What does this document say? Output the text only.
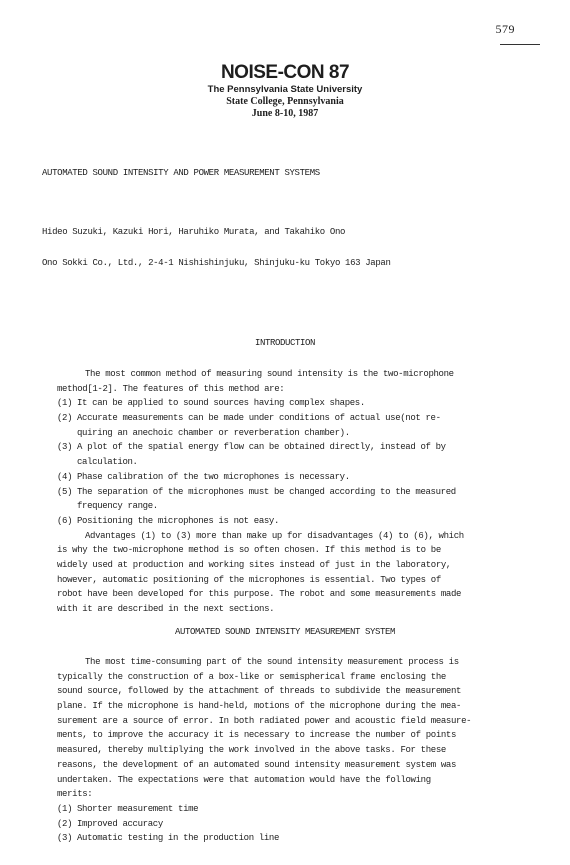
579
NOISE-CON 87
The Pennsylvania State University
State College, Pennsylvania
June 8-10, 1987
AUTOMATED SOUND INTENSITY AND POWER MEASUREMENT SYSTEMS
Hideo Suzuki, Kazuki Hori, Haruhiko Murata, and Takahiko Ono
Ono Sokki Co., Ltd., 2-4-1 Nishishinjuku, Shinjuku-ku Tokyo 163 Japan
INTRODUCTION
The most common method of measuring sound intensity is the two-microphone
method[1-2]. The features of this method are:
(1) It can be applied to sound sources having complex shapes.
(2) Accurate measurements can be made under conditions of actual use(not re-
quiring an anechoic chamber or reverberation chamber).
(3) A plot of the spatial energy flow can be obtained directly, instead of by
calculation.
(4) Phase calibration of the two microphones is necessary.
(5) The separation of the microphones must be changed according to the measured
frequency range.
(6) Positioning the microphones is not easy.
Advantages (1) to (3) more than make up for disadvantages (4) to (6), which
is why the two-microphone method is so often chosen. If this method is to be
widely used at production and working sites instead of just in the laboratory,
however, automatic positioning of the microphones is essential. Two types of
robot have been developed for this purpose. The robot and some measurements made
with it are described in the next sections.
AUTOMATED SOUND INTENSITY MEASUREMENT SYSTEM
The most time-consuming part of the sound intensity measurement process is
typically the construction of a box-like or semispherical frame enclosing the
sound source, followed by the attachment of threads to subdivide the measurement
plane. If the microphone is hand-held, motions of the microphone during the mea-
surement are a source of error. In both radiated power and acoustic field measure-
ments, to improve the accuracy it is necessary to increase the number of points
measured, thereby multiplying the work involved in the above tasks. For these
reasons, the development of an automated sound intensity measurement system was
undertaken. The expectations were that automation would have the following
merits:
(1) Shorter measurement time
(2) Improved accuracy
(3) Automatic testing in the production line
